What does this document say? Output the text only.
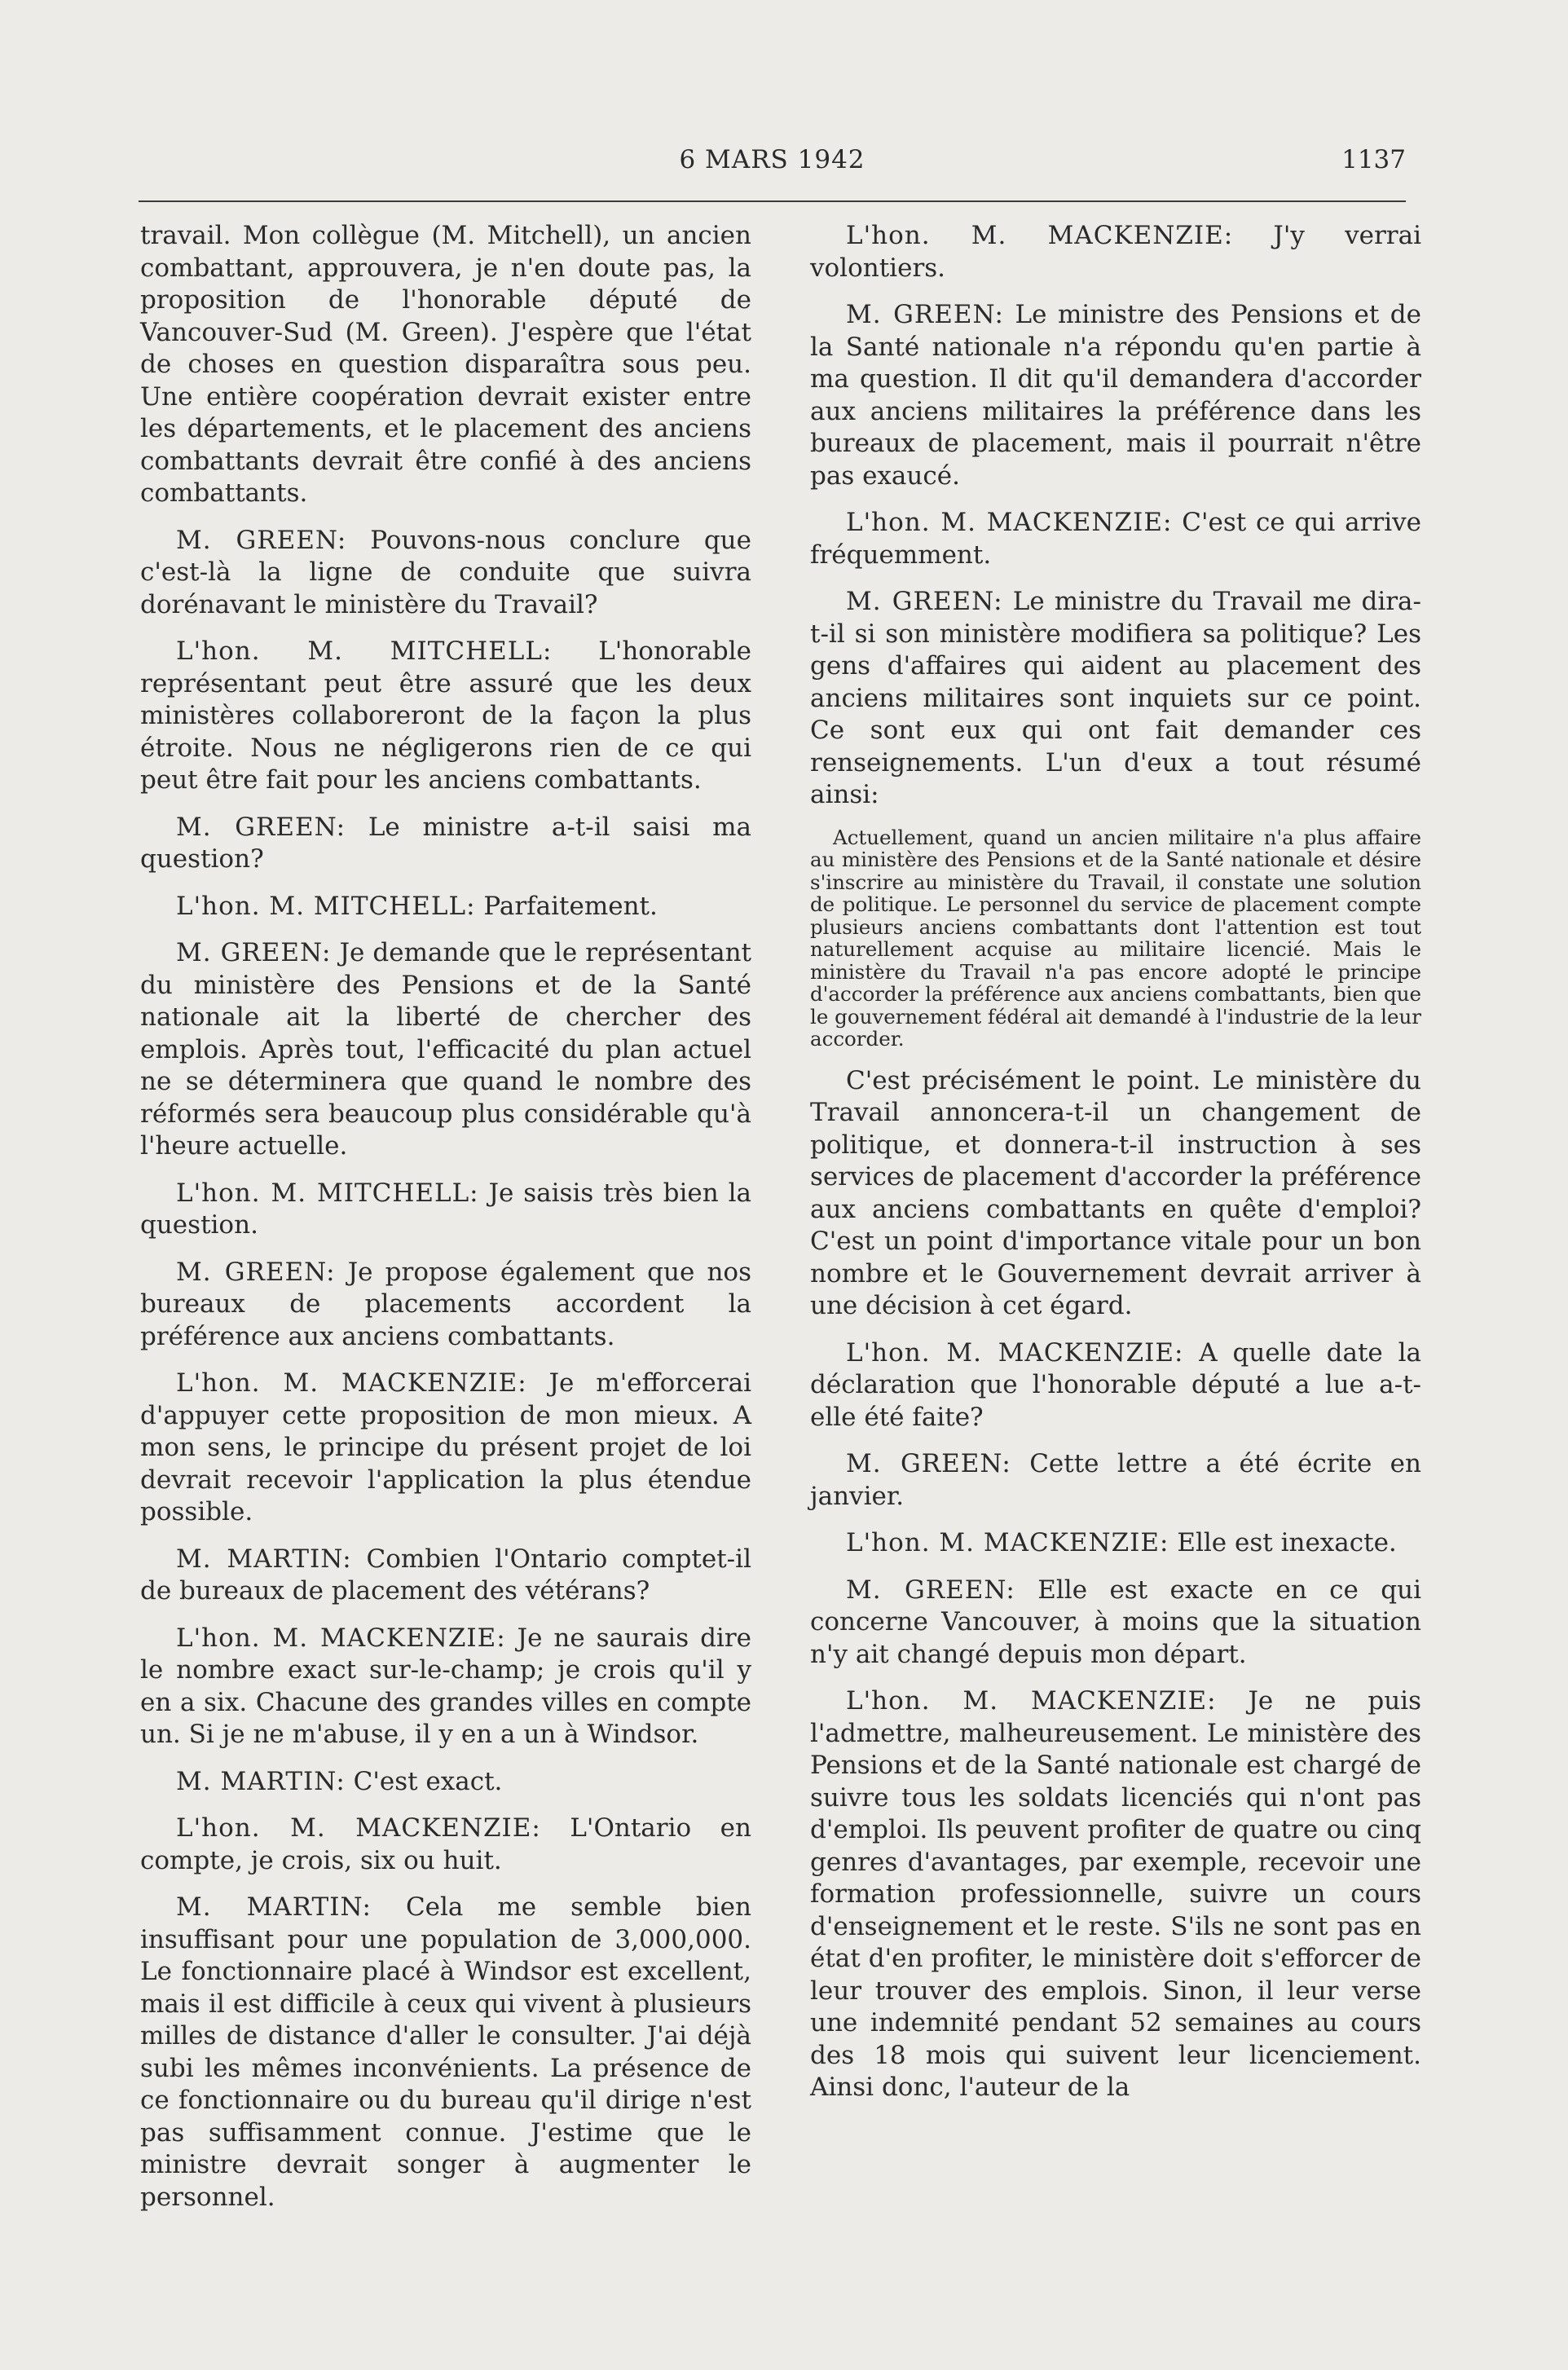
6 MARS 1942	1137

travail. Mon collègue (M. Mitchell), un ancien combattant, approuvera, je n'en doute pas, la proposition de l'honorable député de Vancouver-Sud (M. Green). J'espère que l'état de choses en question disparaîtra sous peu. Une entière coopération devrait exister entre les départements, et le placement des anciens combattants devrait être confié à des anciens combattants.

M. GREEN: Pouvons-nous conclure que c'est-là la ligne de conduite que suivra dorénavant le ministère du Travail?

L'hon. M. MITCHELL: L'honorable représentant peut être assuré que les deux ministères collaboreront de la façon la plus étroite. Nous ne négligerons rien de ce qui peut être fait pour les anciens combattants.

M. GREEN: Le ministre a-t-il saisi ma question?

L'hon. M. MITCHELL: Parfaitement.

M. GREEN: Je demande que le représentant du ministère des Pensions et de la Santé nationale ait la liberté de chercher des emplois. Après tout, l'efficacité du plan actuel ne se déterminera que quand le nombre des réformés sera beaucoup plus considérable qu'à l'heure actuelle.

L'hon. M. MITCHELL: Je saisis très bien la question.

M. GREEN: Je propose également que nos bureaux de placements accordent la préférence aux anciens combattants.

L'hon. M. MACKENZIE: Je m'efforcerai d'appuyer cette proposition de mon mieux. A mon sens, le principe du présent projet de loi devrait recevoir l'application la plus étendue possible.

M. MARTIN: Combien l'Ontario comptet-il de bureaux de placement des vétérans?

L'hon. M. MACKENZIE: Je ne saurais dire le nombre exact sur-le-champ; je crois qu'il y en a six. Chacune des grandes villes en compte un. Si je ne m'abuse, il y en a un à Windsor.

M. MARTIN: C'est exact.

L'hon. M. MACKENZIE: L'Ontario en compte, je crois, six ou huit.

M. MARTIN: Cela me semble bien insuffisant pour une population de 3,000,000. Le fonctionnaire placé à Windsor est excellent, mais il est difficile à ceux qui vivent à plusieurs milles de distance d'aller le consulter. J'ai déjà subi les mêmes inconvénients. La présence de ce fonctionnaire ou du bureau qu'il dirige n'est pas suffisamment connue. J'estime que le ministre devrait songer à augmenter le personnel.

L'hon. M. MACKENZIE: J'y verrai volontiers.

M. GREEN: Le ministre des Pensions et de la Santé nationale n'a répondu qu'en partie à ma question. Il dit qu'il demandera d'accorder aux anciens militaires la préférence dans les bureaux de placement, mais il pourrait n'être pas exaucé.

L'hon. M. MACKENZIE: C'est ce qui arrive fréquemment.

M. GREEN: Le ministre du Travail me dira-t-il si son ministère modifiera sa politique? Les gens d'affaires qui aident au placement des anciens militaires sont inquiets sur ce point. Ce sont eux qui ont fait demander ces renseignements. L'un d'eux a tout résumé ainsi:

Actuellement, quand un ancien militaire n'a plus affaire au ministère des Pensions et de la Santé nationale et désire s'inscrire au ministère du Travail, il constate une solution de politique. Le personnel du service de placement compte plusieurs anciens combattants dont l'attention est tout naturellement acquise au militaire licencié. Mais le ministère du Travail n'a pas encore adopté le principe d'accorder la préférence aux anciens combattants, bien que le gouvernement fédéral ait demandé à l'industrie de la leur accorder.

C'est précisément le point. Le ministère du Travail annoncera-t-il un changement de politique, et donnera-t-il instruction à ses services de placement d'accorder la préférence aux anciens combattants en quête d'emploi? C'est un point d'importance vitale pour un bon nombre et le Gouvernement devrait arriver à une décision à cet égard.

L'hon. M. MACKENZIE: A quelle date la déclaration que l'honorable député a lue a-t-elle été faite?

M. GREEN: Cette lettre a été écrite en janvier.

L'hon. M. MACKENZIE: Elle est inexacte.

M. GREEN: Elle est exacte en ce qui concerne Vancouver, à moins que la situation n'y ait changé depuis mon départ.

L'hon. M. MACKENZIE: Je ne puis l'admettre, malheureusement. Le ministère des Pensions et de la Santé nationale est chargé de suivre tous les soldats licenciés qui n'ont pas d'emploi. Ils peuvent profiter de quatre ou cinq genres d'avantages, par exemple, recevoir une formation professionnelle, suivre un cours d'enseignement et le reste. S'ils ne sont pas en état d'en profiter, le ministère doit s'efforcer de leur trouver des emplois. Sinon, il leur verse une indemnité pendant 52 semaines au cours des 18 mois qui suivent leur licenciement. Ainsi donc, l'auteur de la
